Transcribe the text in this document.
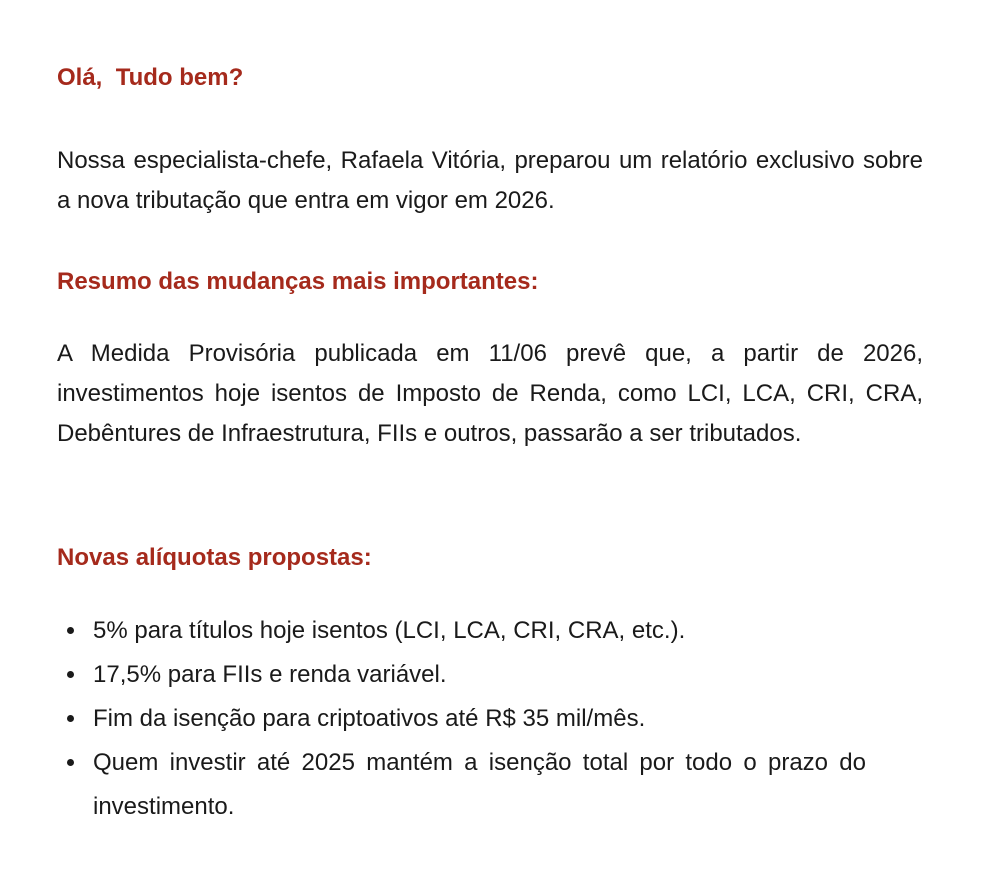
Olá,  Tudo bem?

Nossa especialista-chefe, Rafaela Vitória, preparou um relatório exclusivo sobre a nova tributação que entra em vigor em 2026.

Resumo das mudanças mais importantes:

A Medida Provisória publicada em 11/06 prevê que, a partir de 2026, investimentos hoje isentos de Imposto de Renda, como LCI, LCA, CRI, CRA, Debêntures de Infraestrutura, FIIs e outros, passarão a ser tributados.

Novas alíquotas propostas:

5% para títulos hoje isentos (LCI, LCA, CRI, CRA, etc.).
17,5% para FIIs e renda variável.
Fim da isenção para criptoativos até R$ 35 mil/mês.
Quem investir até 2025 mantém a isenção total por todo o prazo do investimento.
